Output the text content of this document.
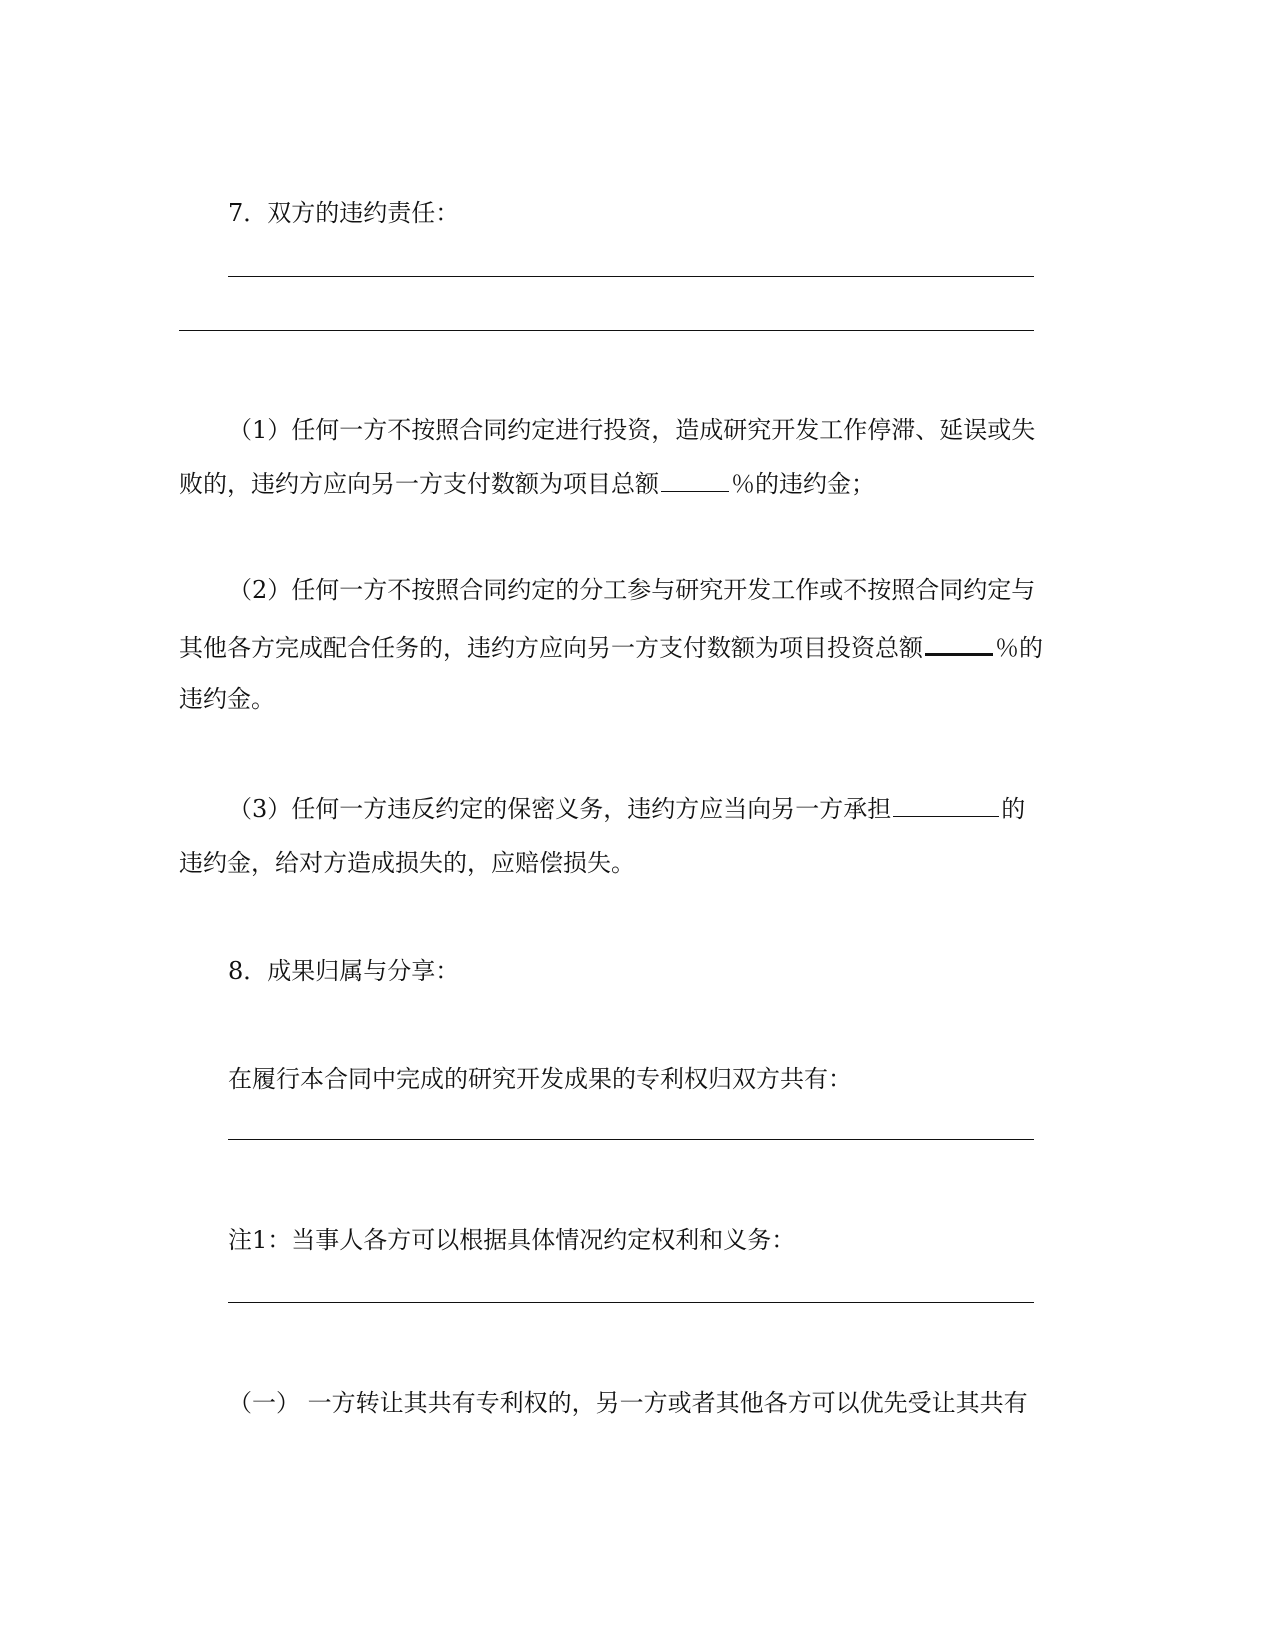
7．双方的违约责任：
（1）任何一方不按照合同约定进行投资，造成研究开发工作停滞、延误或失
败的，违约方应向另一方支付数额为项目总额	％的违约金；
（2）任何一方不按照合同约定的分工参与研究开发工作或不按照合同约定与
其他各方完成配合任务的，违约方应向另一方支付数额为项目投资总额	％的
违约金。
（3）任何一方违反约定的保密义务，违约方应当向另一方承担	的
违约金，给对方造成损失的，应赔偿损失。
8．成果归属与分享：
在履行本合同中完成的研究开发成果的专利权归双方共有：
注1：当事人各方可以根据具体情况约定权利和义务：
（一） 一方转让其共有专利权的，另一方或者其他各方可以优先受让其共有
